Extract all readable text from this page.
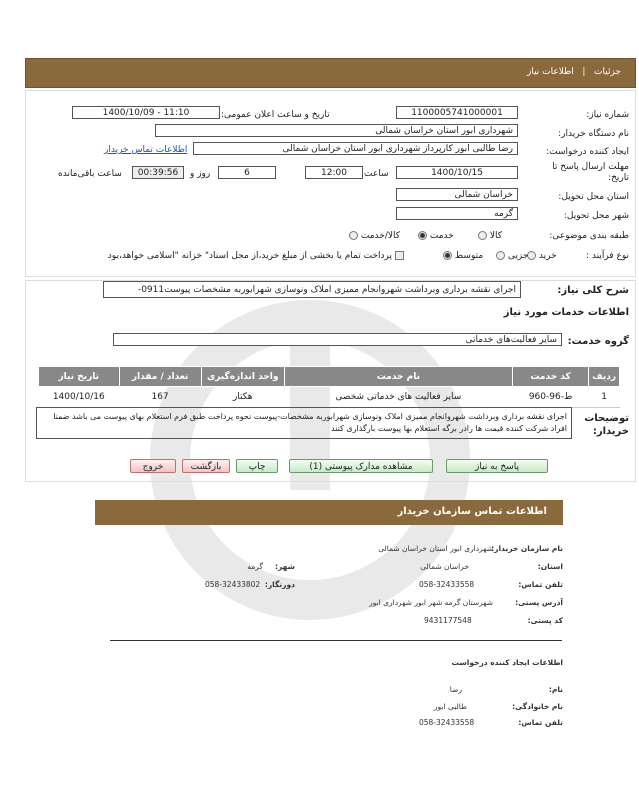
جزئیات   |   اطلاعات نیاز
شماره نیاز:
1100005741000001
تاریخ و ساعت اعلان عمومی:
1400/10/09 - 11:10
نام دستگاه خریدار:
شهرداری ابور استان خراسان شمالی
ایجاد کننده درخواست:
رضا طالبی ابور کارپرداز شهرداری ابور استان خراسان شمالی
اطلاعات تماس خریدار
مهلت ارسال پاسخ تا تاریخ:
1400/10/15
ساعت
12:00
6
روز و
00:39:56
ساعت باقی‌مانده
استان محل تحویل:
خراسان شمالی
شهر محل تحویل:
گرمه
طبقه بندی موضوعی:
کالا
خدمت
کالا/خدمت
نوع فرآیند :
خرید
جزیی
متوسط
پرداخت تمام یا بخشی از مبلغ خرید،از محل اسناد" خزانه "اسلامی خواهد،بود
شرح کلی نیاز:
اجرای نقشه برداری وبرداشت شهروانجام ممیزی املاک ونوسازی شهرابوربه مشخصات پیوست0911-
اطلاعات خدمات مورد نیاز
گروه خدمت:
سایر فعالیت‌های خدماتی
ردیف	کد خدمت	نام خدمت	واحد اندازه‌گیری	تعداد / مقدار	تاریخ نیاز
1	ط-96-960	سایر فعالیت های خدماتی شخصی	هکتار	167	1400/10/16
توضیحات خریدار:
اجرای نقشه برداری وبرداشت شهروانجام ممیزی املاک ونوسازی شهرابوربه مشخصات-پیوست نحوه پرداخت طبق فرم استعلام بهای پیوست می باشد ضمنا افراد شرکت کننده قیمت ها رادر برگه استعلام بها پیوست بارگذاری کنند
پاسخ به نیاز
مشاهده مدارک پیوستی (1)
چاپ
بازگشت
خروج
اطلاعات تماس سازمان خریدار
نام سازمان خریدار:
شهرداری ابور استان خراسان شمالی
استان:
خراسان شمالی
شهر:
گرمه
تلفن تماس:
058-32433558
دورنگار:
058-32433802
آدرس پستی:
شهرستان گرمه شهر ابور شهرداری ابور
کد پستی:
9431177548
اطلاعات ایجاد کننده درخواست
نام:
رضا
نام خانوادگی:
طالبی ابور
تلفن تماس:
058-32433558
